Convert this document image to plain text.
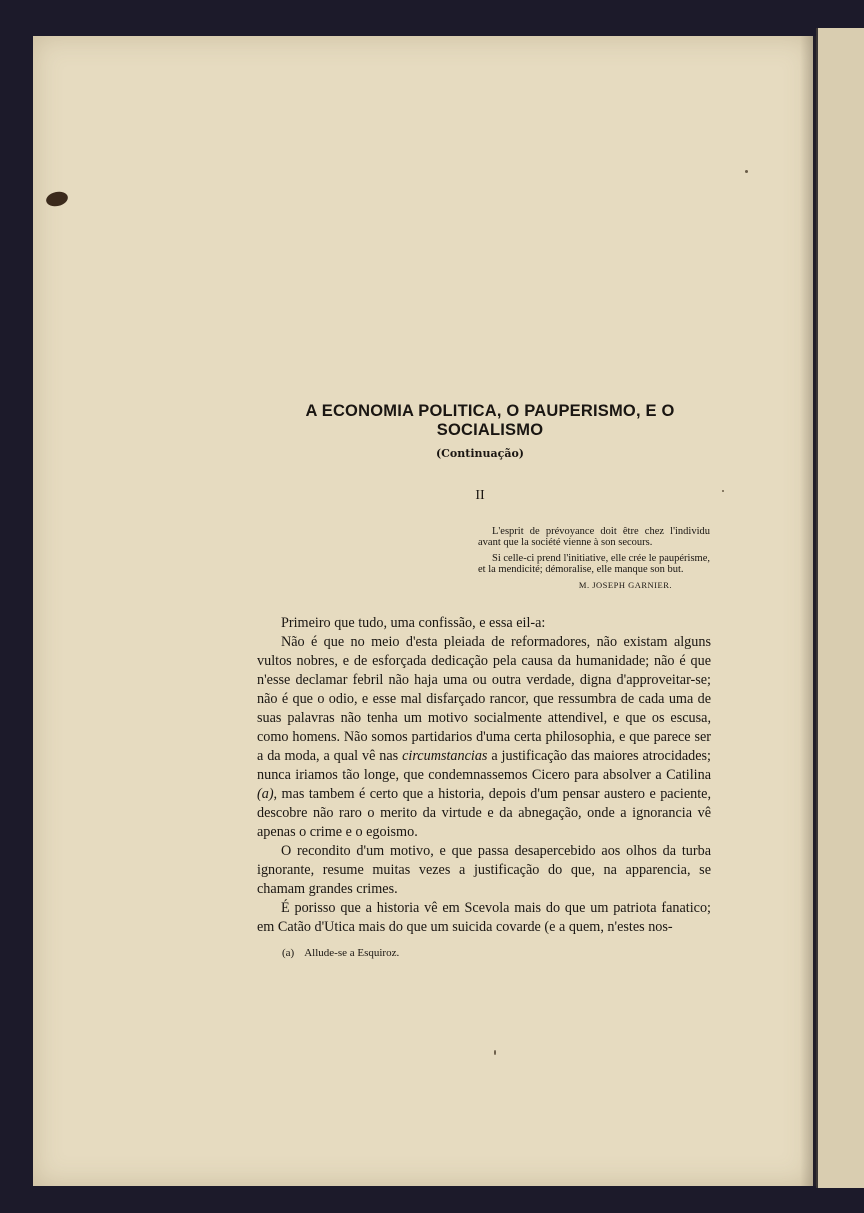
A ECONOMIA POLITICA, O PAUPERISMO, E O SOCIALISMO
(Continuação)
II

L'esprit de prévoyance doit être chez l'individu avant que la société vienne à son secours.

Si celle-ci prend l'initiative, elle crée le paupérisme, et la mendicité; démoralise, elle manque son but.

M. JOSEPH GARNIER.

Primeiro que tudo, uma confissão, e essa eil-a:

Não é que no meio d'esta pleiada de reformadores, não existam alguns vultos nobres, e de esforçada dedicação pela causa da humanidade; não é que n'esse declamar febril não haja uma ou outra verdade, digna d'approveitar-se; não é que o odio, e esse mal disfarçado rancor, que ressumbra de cada uma de suas palavras não tenha um motivo socialmente attendivel, e que os escusa, como homens. Não somos partidarios d'uma certa philosophia, e que parece ser a da moda, a qual vê nas circumstancias a justificação das maiores atrocidades; nunca iriamos tão longe, que condemnassemos Cicero para absolver a Catilina (a), mas tambem é certo que a historia, depois d'um pensar austero e paciente, descobre não raro o merito da virtude e da abnegação, onde a ignorancia vê apenas o crime e o egoismo.

O recondito d'um motivo, e que passa desapercebido aos olhos da turba ignorante, resume muitas vezes a justificação do que, na apparencia, se chamam grandes crimes.

É porisso que a historia vê em Scevola mais do que um patriota fanatico; em Catão d'Utica mais do que um suicida covarde (e a quem, n'estes nos-

(a) Allude-se a Esquiroz.
